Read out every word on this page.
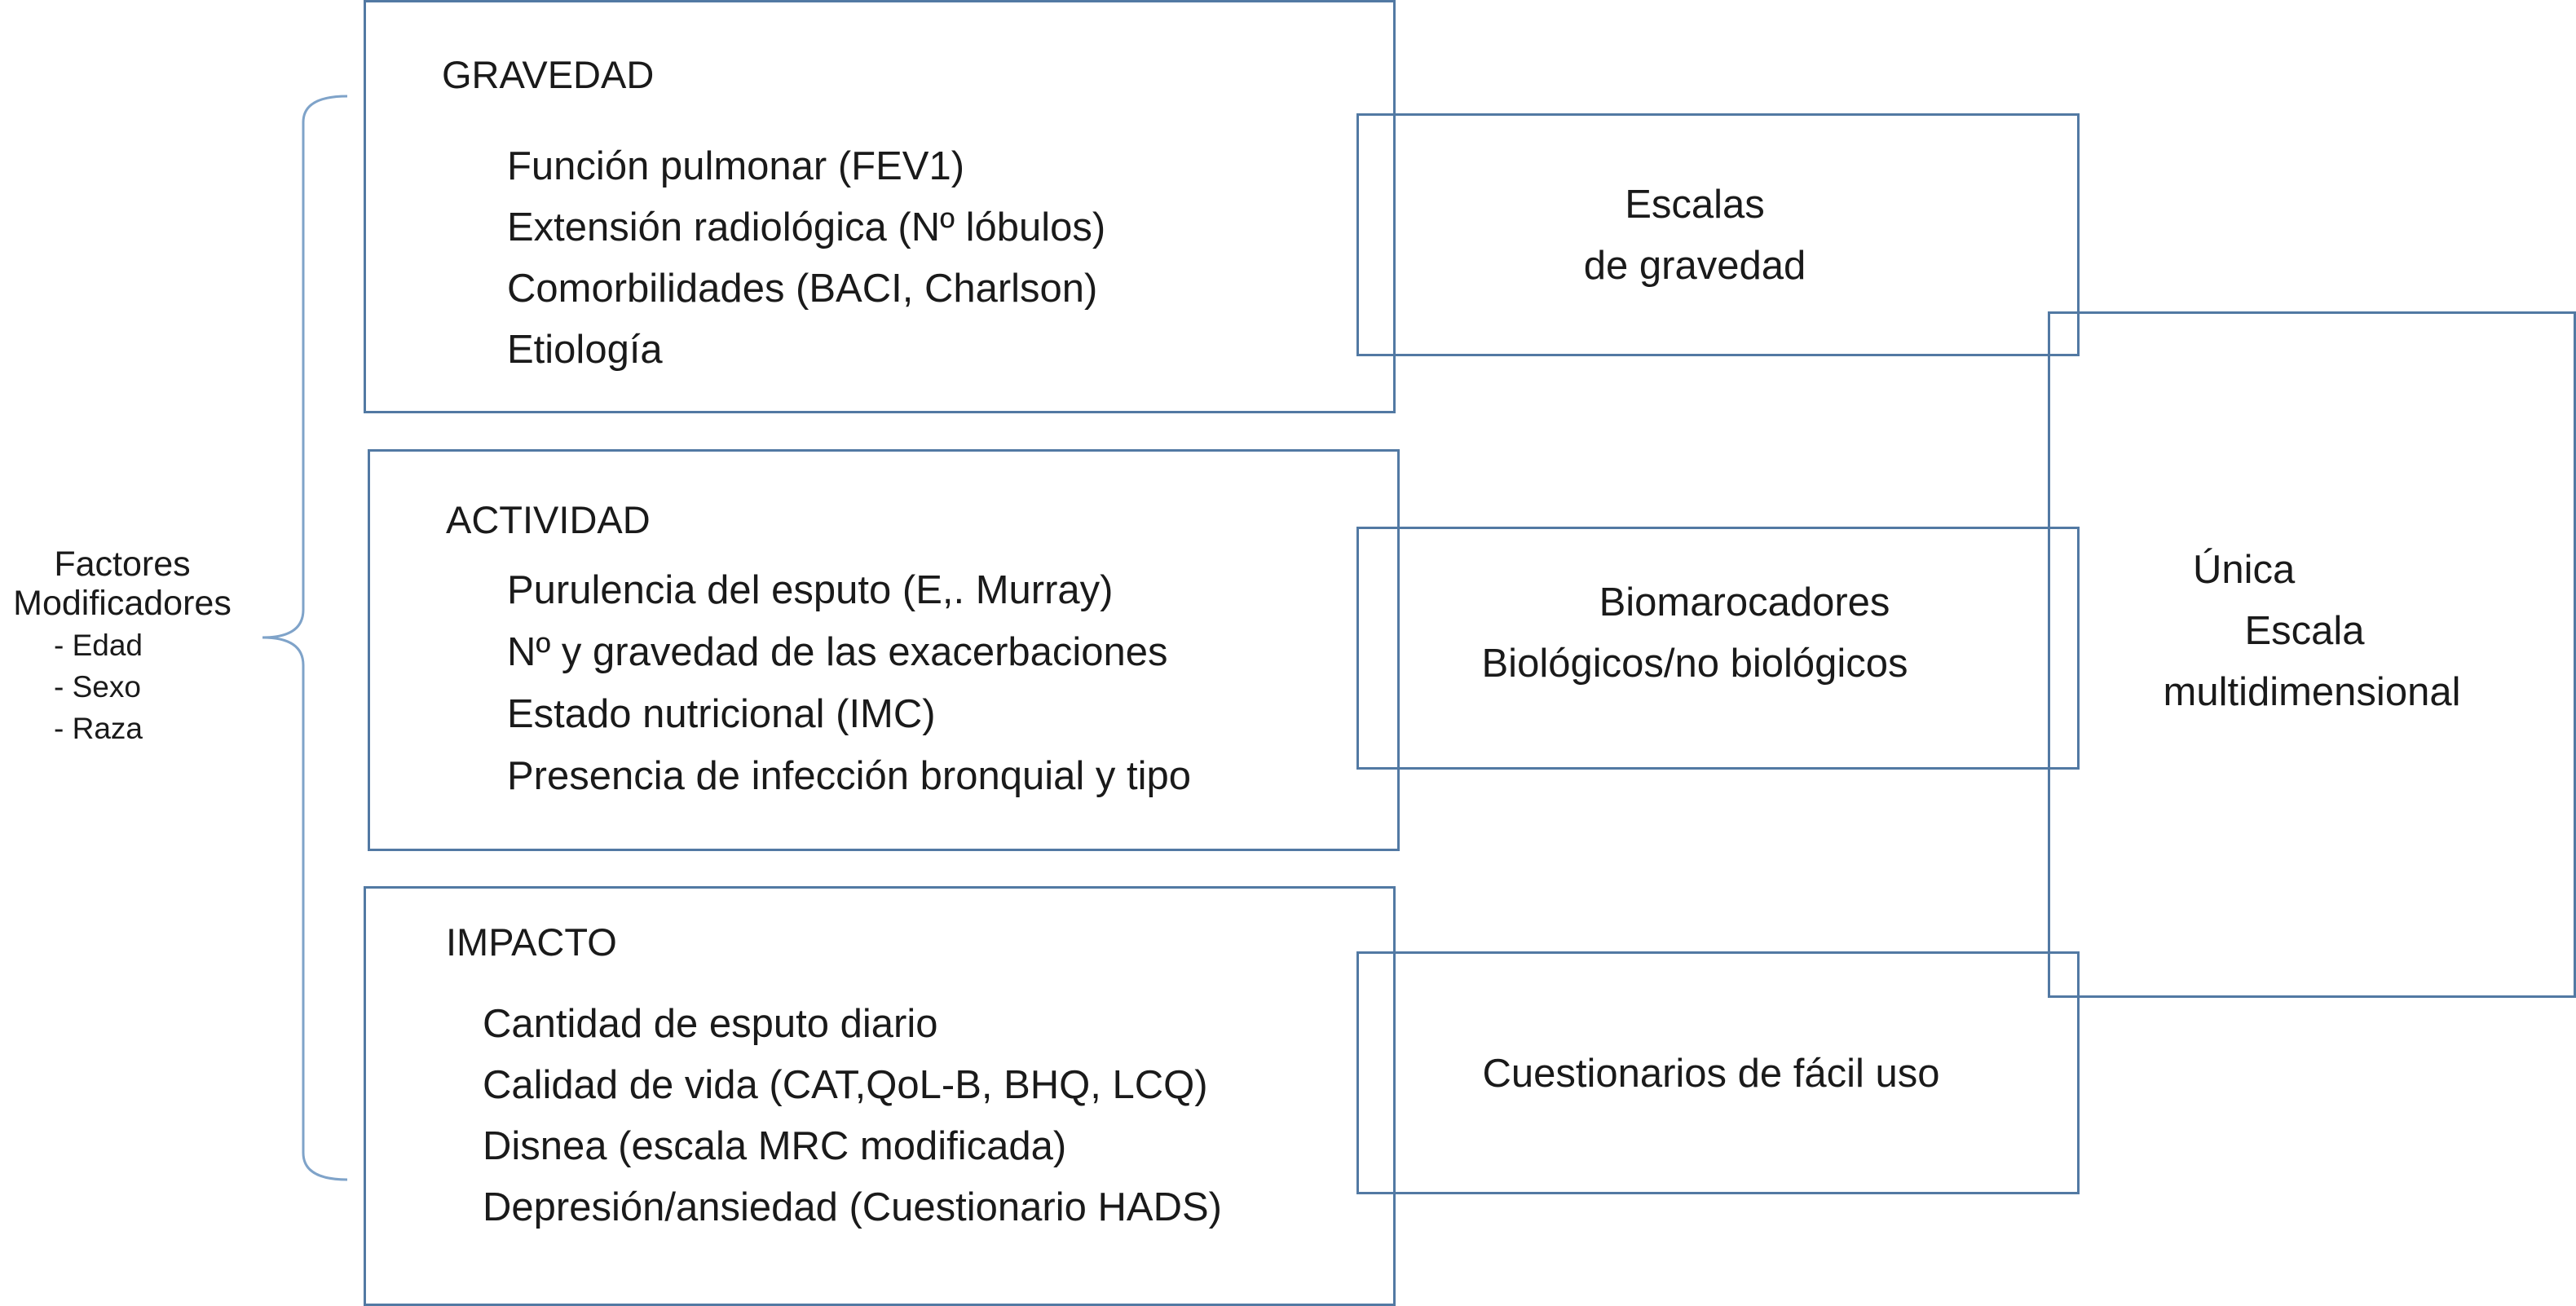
Factores
Modificadores
- Edad
- Sexo
- Raza
GRAVEDAD
Función pulmonar (FEV1)
Extensión radiológica (Nº lóbulos)
Comorbilidades (BACI, Charlson)
Etiología
ACTIVIDAD
Purulencia del esputo (E,. Murray)
Nº y gravedad de las exacerbaciones
Estado nutricional (IMC)
Presencia de infección bronquial y tipo
IMPACTO
Cantidad de esputo diario
Calidad de vida (CAT,QoL-B, BHQ, LCQ)
Disnea (escala MRC modificada)
Depresión/ansiedad (Cuestionario HADS)
Escalas
de gravedad
Biomarocadores
Biológicos/no biológicos
Cuestionarios de fácil uso
Única
Escala
multidimensional
